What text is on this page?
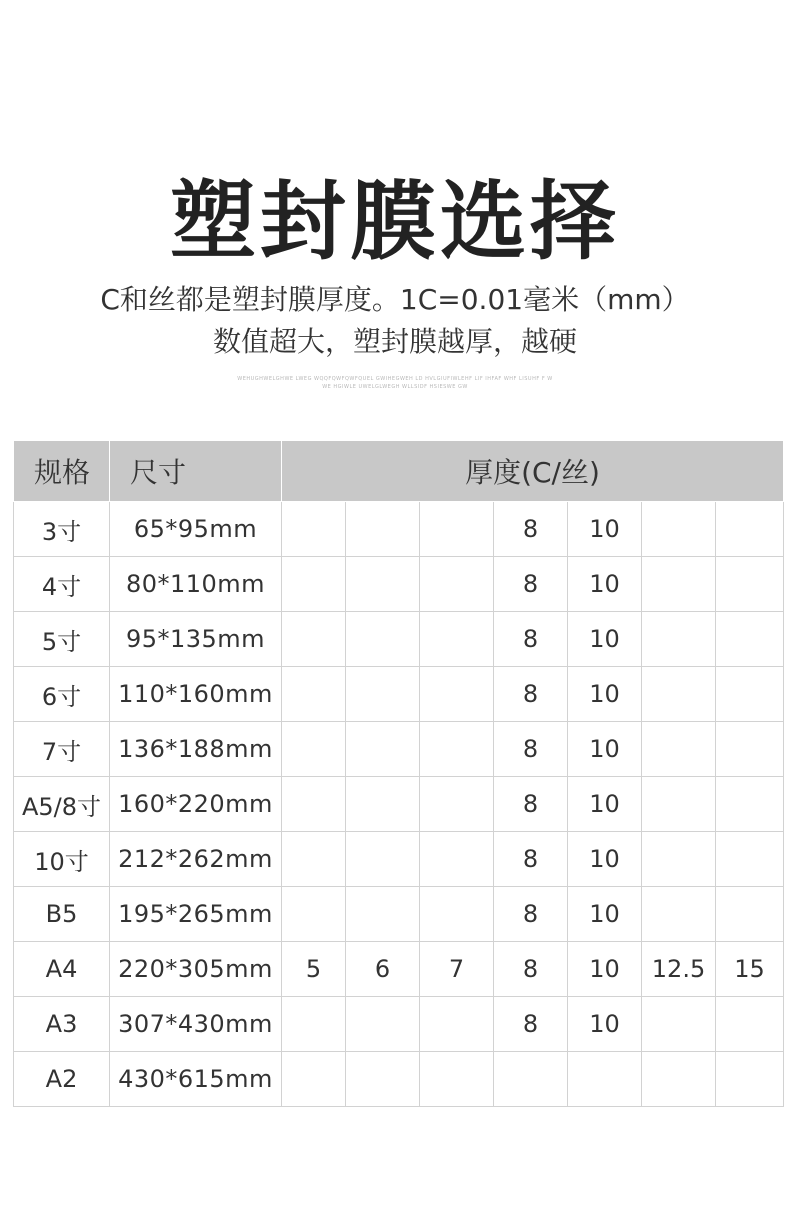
塑封膜选择
C和丝都是塑封膜厚度。1C=0.01毫米（mm）
数值超大，塑封膜越厚，越硬
WEHUGHWELGHWE LWEG WQQFQWFQWFQUEL GWIHEGWEH LD HVLGIUFIWLEHF LIF IHFAF WHF LISUHF F W
WE HGIWLE UWELGLWEGH WLLSIDF HSIESWE GW
规格	尺寸	厚度(C/丝)						
3寸	65*95mm				8	10		
4寸	80*110mm				8	10		
5寸	95*135mm				8	10		
6寸	110*160mm				8	10		
7寸	136*188mm				8	10		
A5/8寸	160*220mm				8	10		
10寸	212*262mm				8	10		
B5	195*265mm				8	10		
A4	220*305mm	5	6	7	8	10	12.5	15
A3	307*430mm				8	10		
A2	430*615mm							
